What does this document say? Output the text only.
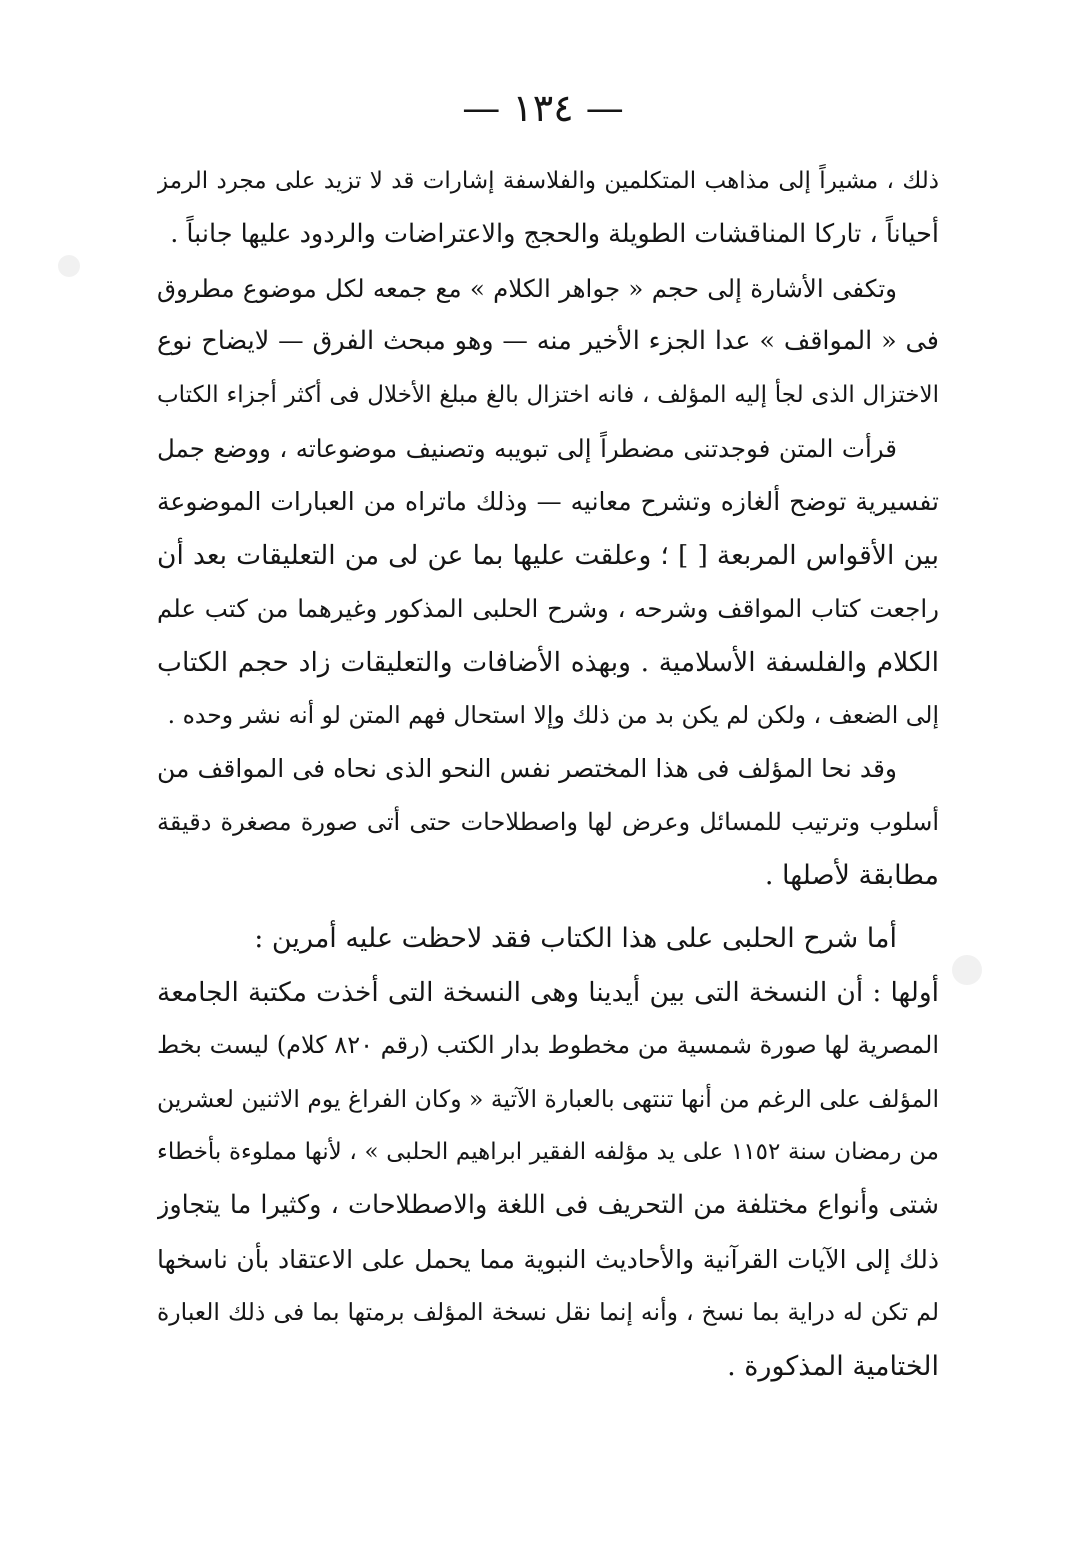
— ١٣٤ —
ذلك ، مشيراً إلى مذاهب المتكلمين والفلاسفة إشارات قد لا تزيد على مجرد الرمز
أحياناً ، تاركا المناقشات الطويلة والحجج والاعتراضات والردود عليها جانباً .
وتكفى الأشارة إلى حجم « جواهر الكلام » مع جمعه لكل موضوع مطروق
فى « المواقف » عدا الجزء الأخير منه — وهو مبحث الفرق — لايضاح نوع
الاختزال الذى لجأ إليه المؤلف ، فانه اختزال بالغ مبلغ الأخلال فى أكثر أجزاء الكتاب
قرأت المتن فوجدتنى مضطراً إلى تبويبه وتصنيف موضوعاته ، ووضع جمل
تفسيرية توضح ألغازه وتشرح معانيه — وذلك ماتراه من العبارات الموضوعة
بين الأقواس المربعة [ ] ؛ وعلقت عليها بما عن لى من التعليقات بعد أن
راجعت كتاب المواقف وشرحه ، وشرح الحلبى المذكور وغيرهما من كتب علم
الكلام والفلسفة الأسلامية . وبهذه الأضافات والتعليقات زاد حجم الكتاب
إلى الضعف ، ولكن لم يكن بد من ذلك وإلا استحال فهم المتن لو أنه نشر وحده .
وقد نحا المؤلف فى هذا المختصر نفس النحو الذى نحاه فى المواقف من
أسلوب وترتيب للمسائل وعرض لها واصطلاحات حتى أتى صورة مصغرة دقيقة
مطابقة لأصلها .
أما شرح الحلبى على هذا الكتاب فقد لاحظت عليه أمرين :
أولها : أن النسخة التى بين أيدينا وهى النسخة التى أخذت مكتبة الجامعة
المصرية لها صورة شمسية من مخطوط بدار الكتب (رقم ٨٢٠ كلام) ليست بخط
المؤلف على الرغم من أنها تنتهى بالعبارة الآتية « وكان الفراغ يوم الاثنين لعشرين
من رمضان سنة ١١٥٢ على يد مؤلفه الفقير ابراهيم الحلبى » ، لأنها مملوءة بأخطاء
شتى وأنواع مختلفة من التحريف فى اللغة والاصطلاحات ، وكثيرا ما يتجاوز
ذلك إلى الآيات القرآنية والأحاديث النبوية مما يحمل على الاعتقاد بأن ناسخها
لم تكن له دراية بما نسخ ، وأنه إنما نقل نسخة المؤلف برمتها بما فى ذلك العبارة
الختامية المذكورة .
